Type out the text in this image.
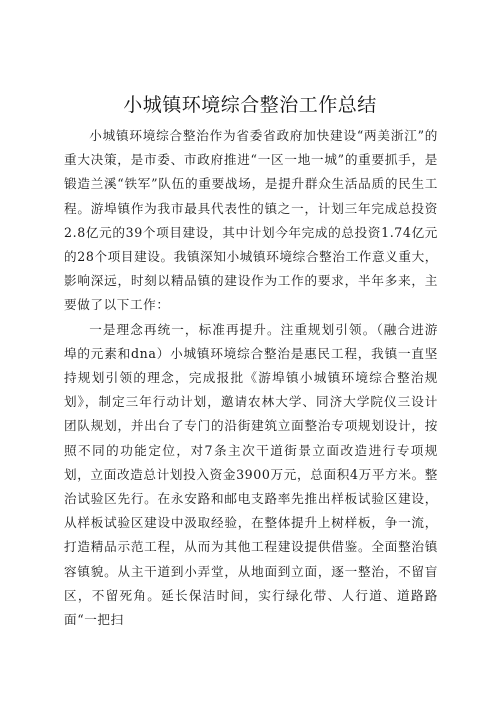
小城镇环境综合整治工作总结

小城镇环境综合整治作为省委省政府加快建设“两美浙江”的重大决策，是市委、市政府推进“一区一地一城”的重要抓手，是锻造兰溪“铁军”队伍的重要战场，是提升群众生活品质的民生工程。游埠镇作为我市最具代表性的镇之一，计划三年完成总投资2.8亿元的39个项目建设，其中计划今年完成的总投资1.74亿元的28个项目建设。我镇深知小城镇环境综合整治工作意义重大，影响深远，时刻以精品镇的建设作为工作的要求，半年多来，主要做了以下工作：

一是理念再统一，标准再提升。注重规划引领。（融合进游埠的元素和dna）小城镇环境综合整治是惠民工程，我镇一直坚持规划引领的理念，完成报批《游埠镇小城镇环境综合整治规划》，制定三年行动计划，邀请农林大学、同济大学院仪三设计团队规划，并出台了专门的沿街建筑立面整治专项规划设计，按照不同的功能定位，对7条主次干道街景立面改造进行专项规划，立面改造总计划投入资金3900万元，总面积4万平方米。整治试验区先行。在永安路和邮电支路率先推出样板试验区建设，从样板试验区建设中汲取经验，在整体提升上树样板，争一流，打造精品示范工程，从而为其他工程建设提供借鉴。全面整治镇容镇貌。从主干道到小弄堂，从地面到立面，逐一整治，不留盲区，不留死角。延长保洁时间，实行绿化带、人行道、道路路面“一把扫
